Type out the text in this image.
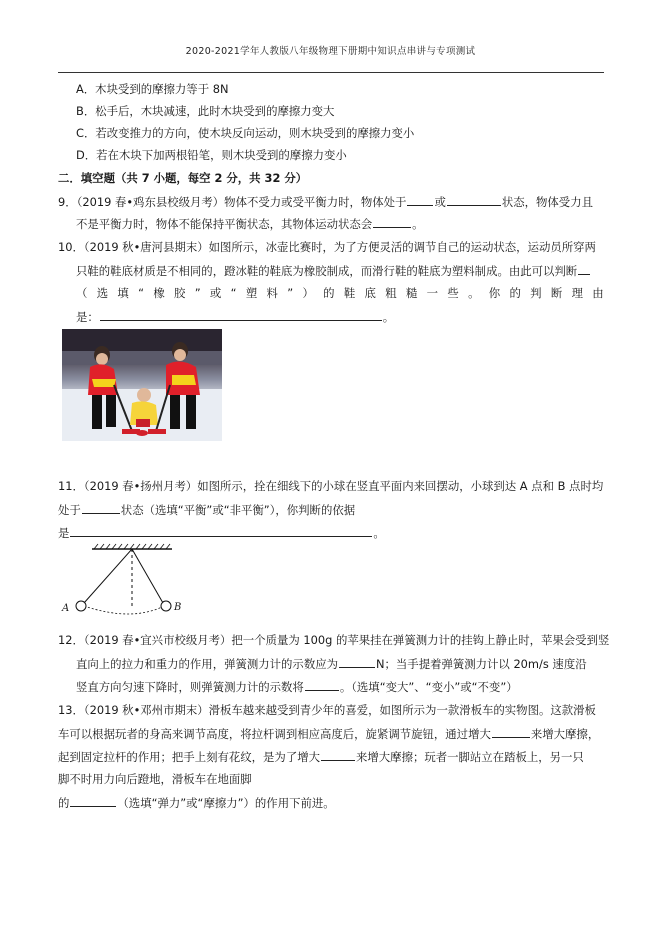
2020-2021学年人教版八年级物理下册期中知识点串讲与专项测试
A．木块受到的摩擦力等于 8N
B．松手后，木块减速，此时木块受到的摩擦力变大
C．若改变推力的方向，使木块反向运动，则木块受到的摩擦力变小
D．若在木块下加两根铅笔，则木块受到的摩擦力变小
二．填空题（共 7 小题，每空 2 分，共 32 分）
9．（2019 春•鸡东县校级月考）物体不受力或受平衡力时，物体处于 或	状态，物体受力且
不是平衡力时，物体不能保持平衡状态，其物体运动状态会	。
10．（2019 秋•唐河县期末）如图所示，冰壶比赛时，为了方便灵活的调节自己的运动状态，运动员所穿两
只鞋的鞋底材质是不相同的，蹬冰鞋的鞋底为橡胶制成，而滑行鞋的鞋底为塑料制成。由此可以判断
（ 选 填 “ 橡 胶 ” 或 “ 塑 料 ” ） 的 鞋 底 粗 糙 一 些 。 你 的 判 断 理 由
是：	。
11．（2019 春•扬州月考）如图所示，拴在细线下的小球在竖直平面内来回摆动，小球到达 A 点和 B 点时均
处于	状态（选填“平衡”或“非平衡”），你判断的依据
是	。
A	B
12．（2019 春•宜兴市校级月考）把一个质量为 100g 的苹果挂在弹簧测力计的挂钩上静止时，苹果会受到竖
直向上的拉力和重力的作用，弹簧测力计的示数应为	N；当手提着弹簧测力计以 20m/s 速度沿
竖直方向匀速下降时，则弹簧测力计的示数将	。（选填“变大”、“变小”或“不变”）
13．（2019 秋•邓州市期末）滑板车越来越受到青少年的喜爱，如图所示为一款滑板车的实物图。这款滑板
车可以根据玩者的身高来调节高度，将拉杆调到相应高度后，旋紧调节旋钮，通过增大	来增大摩擦，
起到固定拉杆的作用；把手上刻有花纹，是为了增大	来增大摩擦；玩者一脚站立在踏板上，另一只
脚不时用力向后蹬地，滑板车在地面脚
的	（选填“弹力”或“摩擦力”）的作用下前进。
